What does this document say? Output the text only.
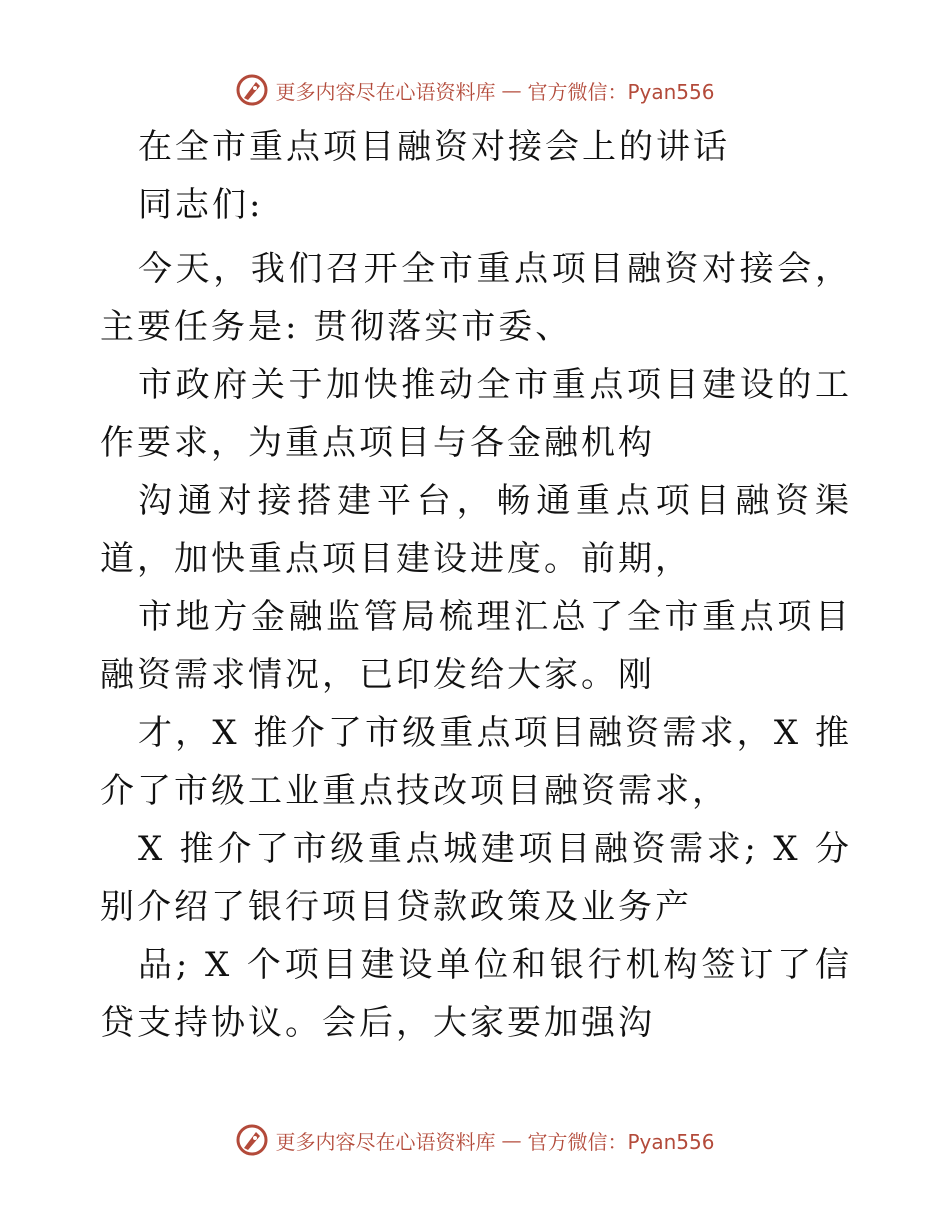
更多内容尽在心语资料库 — 官方微信：Pyan556
在全市重点项目融资对接会上的讲话
同志们:

今天，我们召开全市重点项目融资对接会，主要任务是: 贯彻落实市委、

市政府关于加快推动全市重点项目建设的工作要求，为重点项目与各金融机构

沟通对接搭建平台，畅通重点项目融资渠道，加快重点项目建设进度。前期，

市地方金融监管局梳理汇总了全市重点项目融资需求情况，已印发给大家。刚

才，X 推介了市级重点项目融资需求，X 推介了市级工业重点技改项目融资需求，

X 推介了市级重点城建项目融资需求; X 分别介绍了银行项目贷款政策及业务产

品; X 个项目建设单位和银行机构签订了信贷支持协议。会后，大家要加强沟

更多内容尽在心语资料库 — 官方微信：Pyan556
